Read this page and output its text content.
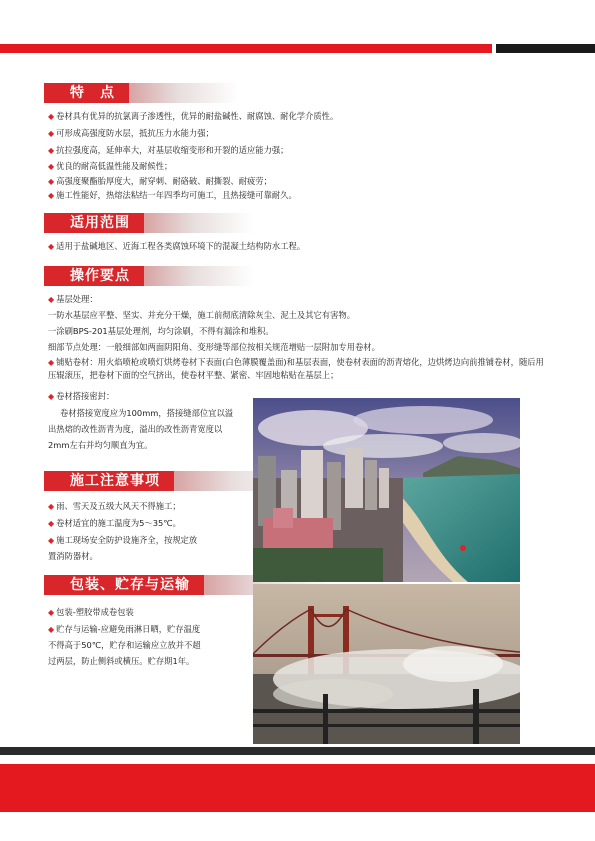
特　点
◆ 卷材具有优异的抗氯离子渗透性，优异的耐盐碱性、耐腐蚀、耐化学介质性。
◆ 可形成高强度防水层，抵抗压力水能力强；
◆ 抗拉强度高，延伸率大，对基层收缩变形和开裂的适应能力强；
◆ 优良的耐高低温性能及耐候性；
◆ 高强度聚酯胎厚度大，耐穿刺、耐硌破、耐撕裂、耐疲劳；
◆ 施工性能好，热熔法粘结一年四季均可施工，且热接缝可靠耐久。
适用范围
◆ 适用于盐碱地区、近海工程各类腐蚀环境下的混凝土结构防水工程。
操作要点
◆ 基层处理：
一防水基层应平整、坚实、并充分干燥，施工前彻底清除灰尘、泥土及其它有害物。
一涂刷BPS-201基层处理剂，均匀涂刷，不得有漏涂和堆积。
细部节点处理：一般细部如两面阴阳角、变形缝等部位按相关规范增贴一层附加专用卷材。
◆ 铺贴卷材：用火焰喷枪或喷灯烘烤卷材下表面(白色薄膜覆盖面)和基层表面，使卷材表面的沥青熔化，边烘烤边向前推铺卷材，随后用压辊滚压，把卷材下面的空气挤出，使卷材平整、紧密、牢固地粘贴在基层上；
◆ 卷材搭接密封：
卷材搭接宽度应为100mm，搭接缝部位宜以溢
出热熔的改性沥青为度，溢出的改性沥青宽度以
2mm左右并均匀顺直为宜。
施工注意事项
◆ 雨、雪天及五级大风天不得施工；
◆ 卷材适宜的施工温度为5～35℃。
◆ 施工现场安全防护设施齐全，按规定放
置消防器材。
包装、贮存与运输
◆ 包装-塑胶带成卷包装
◆ 贮存与运输-应避免雨淋日晒，贮存温度
不得高于50℃，贮存和运输应立放并不超
过两层，防止侧斜或横压。贮存期1年。
